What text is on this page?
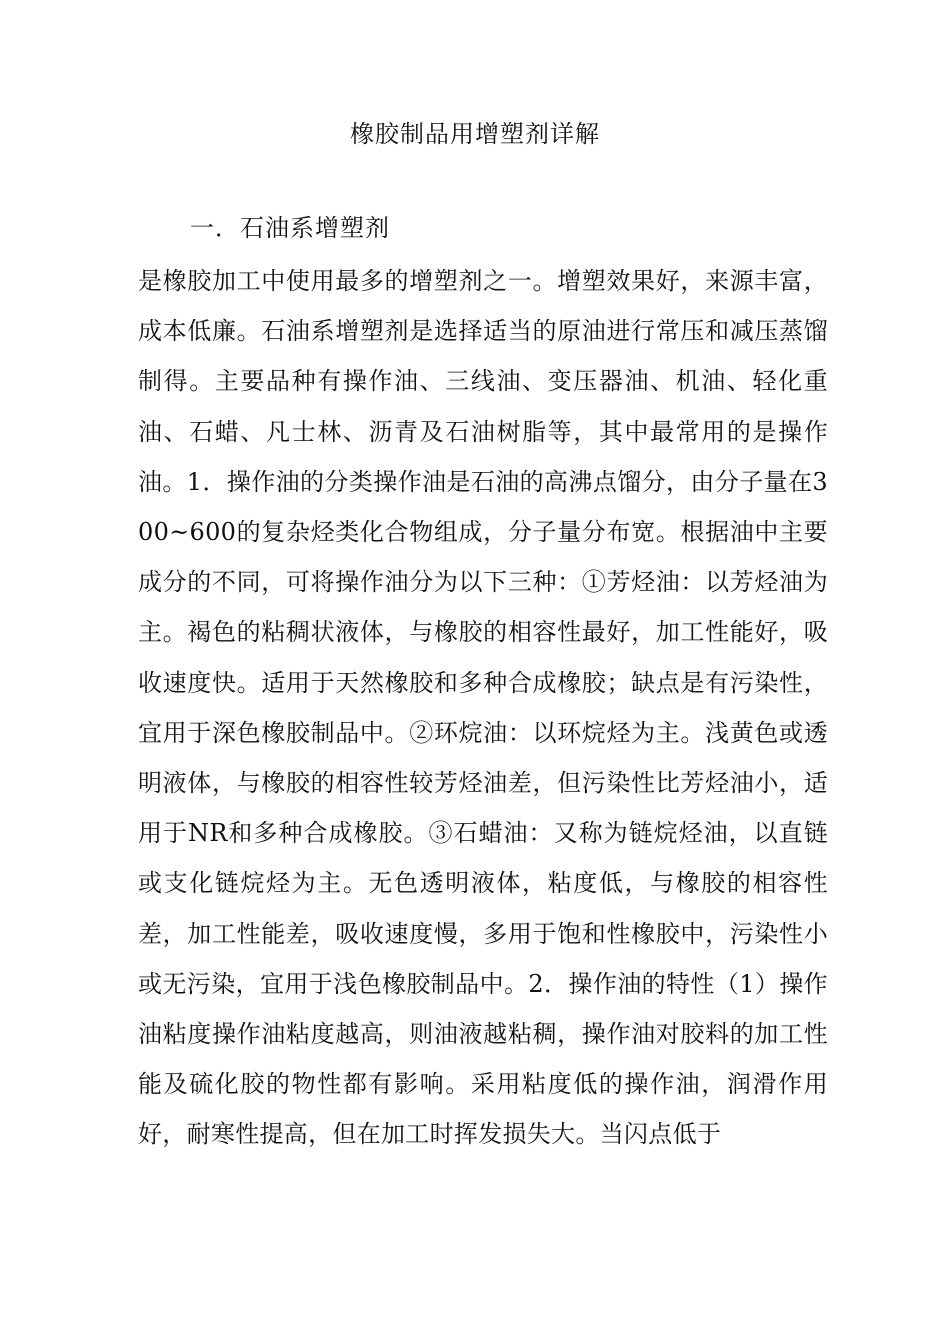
橡胶制品用增塑剂详解
一．石油系增塑剂

是橡胶加工中使用最多的增塑剂之一。增塑效果好，来源丰富，成本低廉。石油系增塑剂是选择适当的原油进行常压和减压蒸馏制得。主要品种有操作油、三线油、变压器油、机油、轻化重油、石蜡、凡士林、沥青及石油树脂等，其中最常用的是操作油。1．操作油的分类操作油是石油的高沸点馏分，由分子量在300~600的复杂烃类化合物组成，分子量分布宽。根据油中主要成分的不同，可将操作油分为以下三种：①芳烃油：以芳烃油为主。褐色的粘稠状液体，与橡胶的相容性最好，加工性能好，吸收速度快。适用于天然橡胶和多种合成橡胶；缺点是有污染性，宜用于深色橡胶制品中。②环烷油：以环烷烃为主。浅黄色或透明液体，与橡胶的相容性较芳烃油差，但污染性比芳烃油小，适用于NR和多种合成橡胶。③石蜡油：又称为链烷烃油，以直链或支化链烷烃为主。无色透明液体，粘度低，与橡胶的相容性差，加工性能差，吸收速度慢，多用于饱和性橡胶中，污染性小或无污染，宜用于浅色橡胶制品中。2．操作油的特性（1）操作油粘度操作油粘度越高，则油液越粘稠，操作油对胶料的加工性能及硫化胶的物性都有影响。采用粘度低的操作油，润滑作用好，耐寒性提高，但在加工时挥发损失大。当闪点低于
